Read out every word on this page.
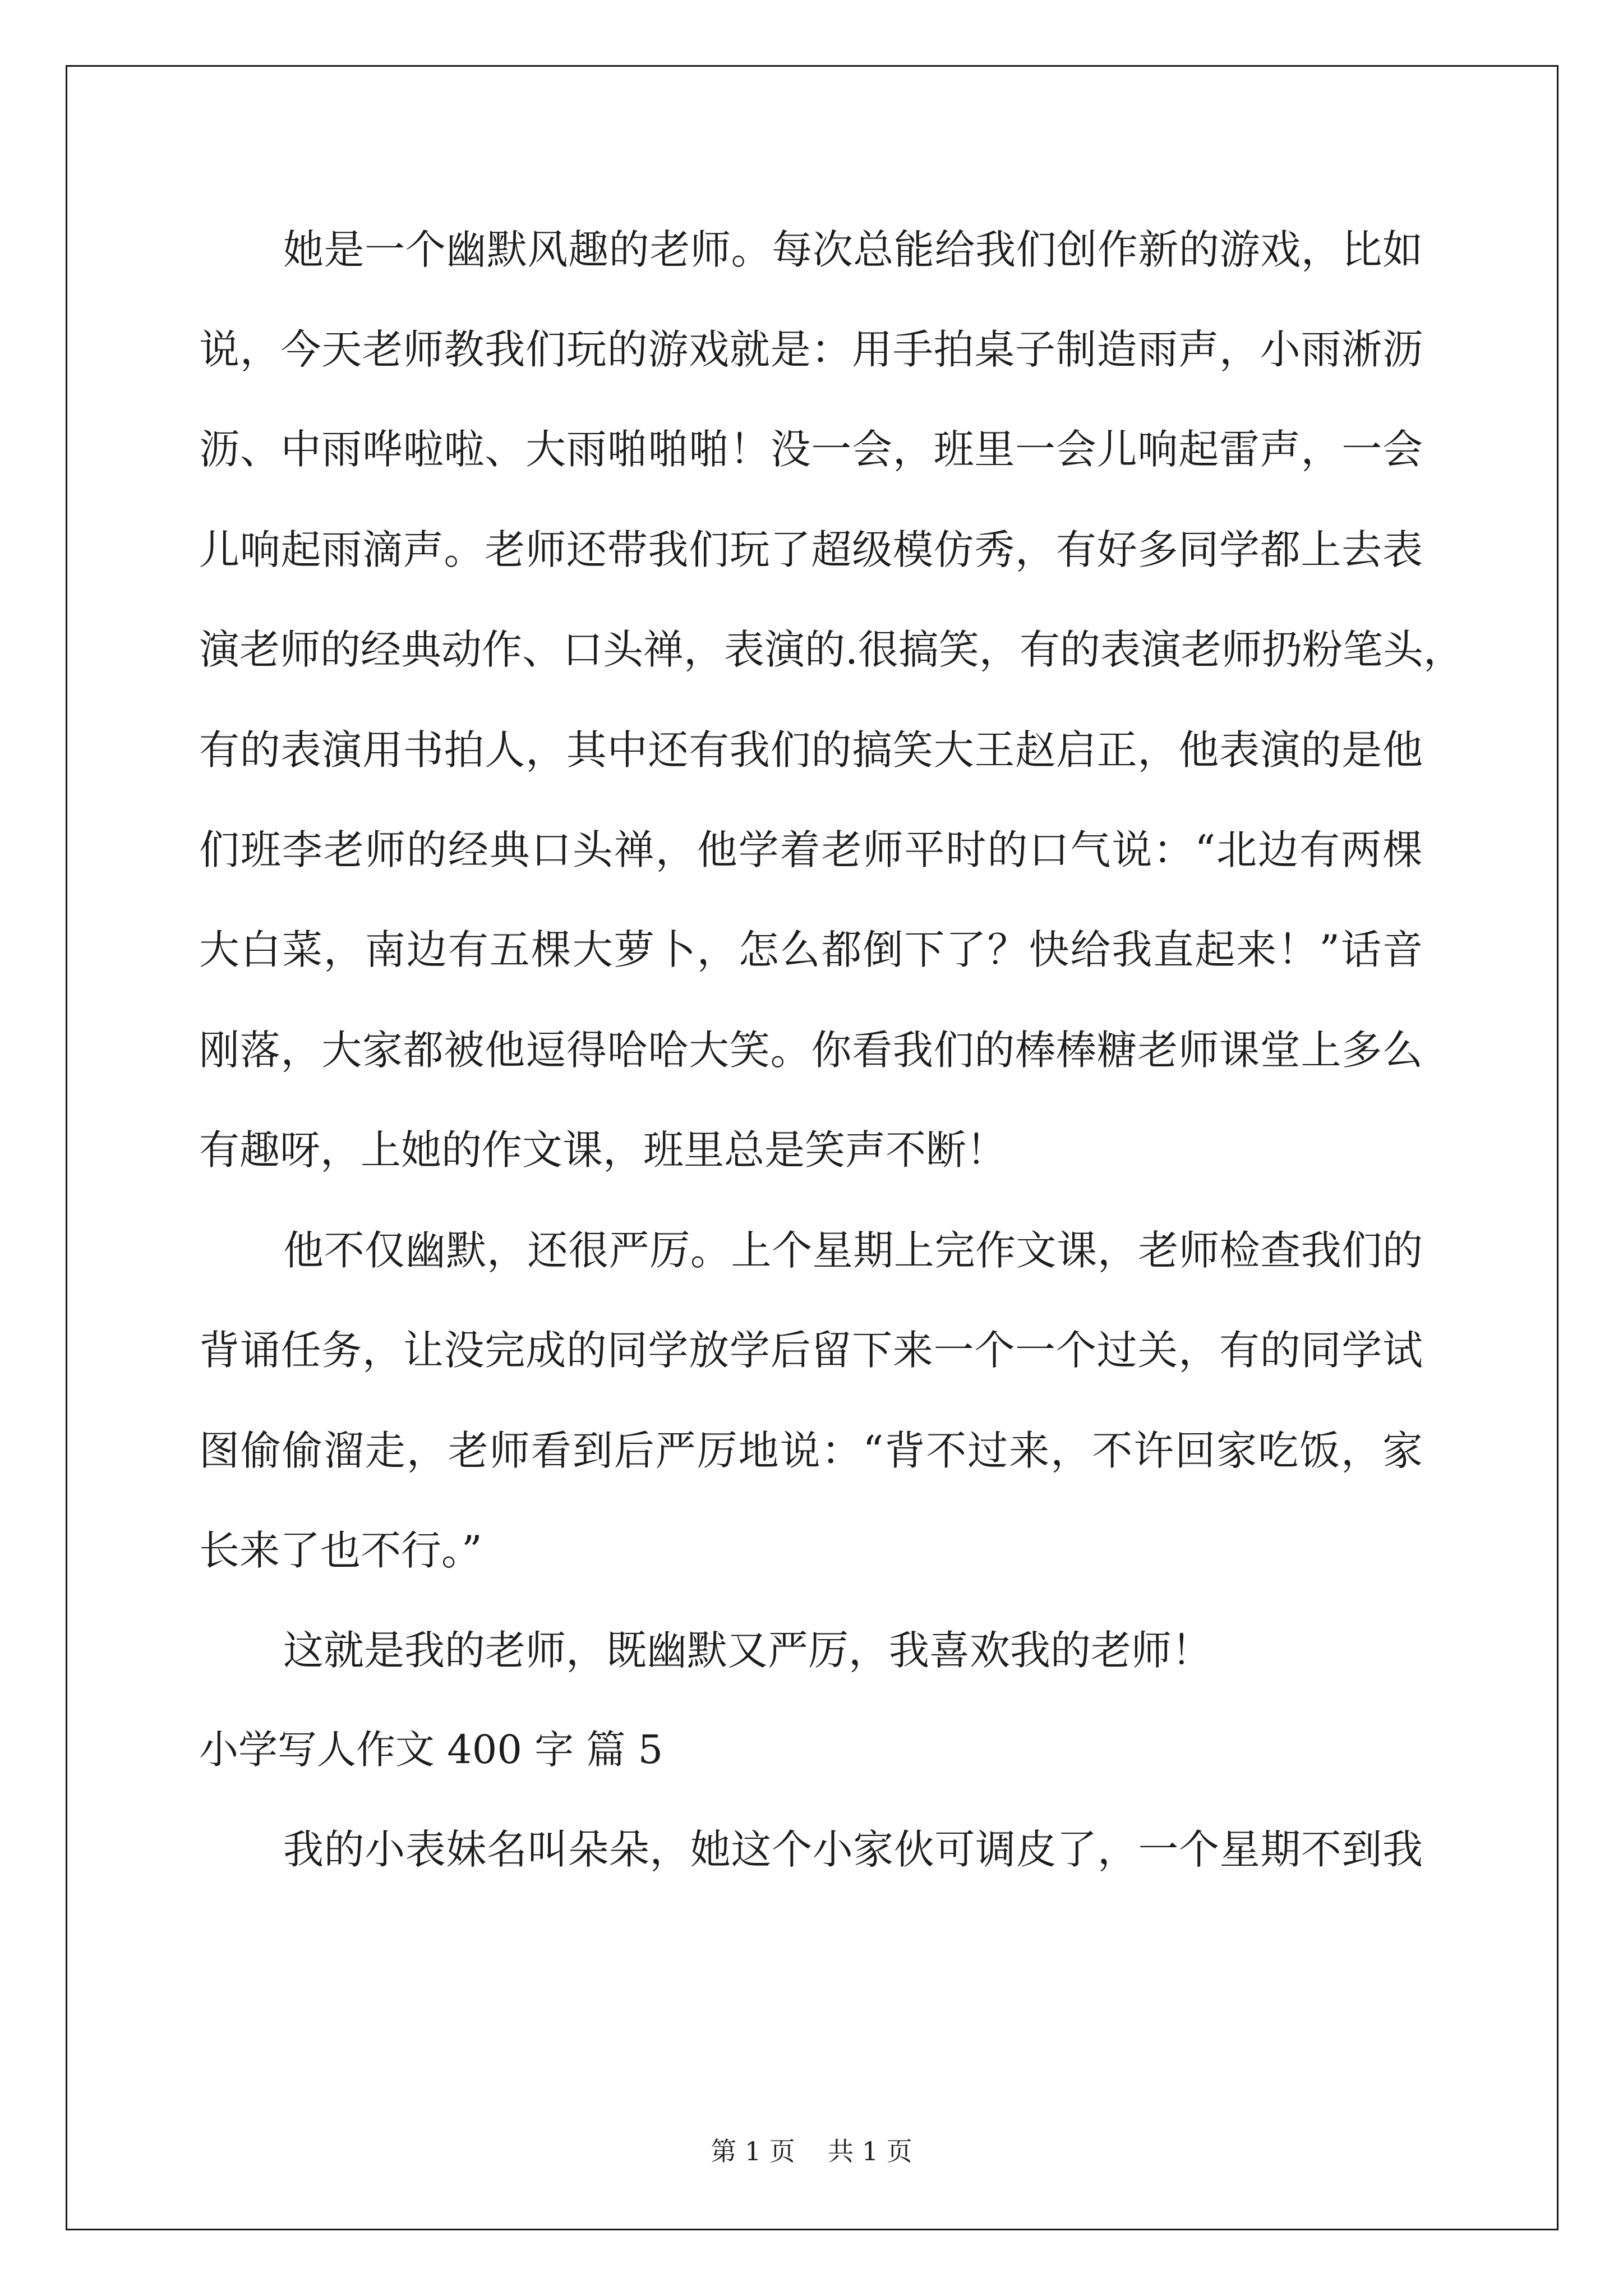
她是一个幽默风趣的老师。每次总能给我们创作新的游戏，比如
说，今天老师教我们玩的游戏就是：用手拍桌子制造雨声，小雨淅沥
沥、中雨哗啦啦、大雨啪啪啪！没一会，班里一会儿响起雷声，一会
儿响起雨滴声。老师还带我们玩了超级模仿秀，有好多同学都上去表
演老师的经典动作、口头禅，表演的.很搞笑，有的表演老师扔粉笔头，
有的表演用书拍人，其中还有我们的搞笑大王赵启正，他表演的是他
们班李老师的经典口头禅，他学着老师平时的口气说：“北边有两棵
大白菜，南边有五棵大萝卜，怎么都倒下了？快给我直起来！”话音
刚落，大家都被他逗得哈哈大笑。你看我们的棒棒糖老师课堂上多么
有趣呀，上她的作文课，班里总是笑声不断！
他不仅幽默，还很严厉。上个星期上完作文课，老师检查我们的
背诵任务，让没完成的同学放学后留下来一个一个过关，有的同学试
图偷偷溜走，老师看到后严厉地说：“背不过来，不许回家吃饭，家
长来了也不行。”
这就是我的老师，既幽默又严厉，我喜欢我的老师！
小学写人作文 400 字 篇 5
我的小表妹名叫朵朵，她这个小家伙可调皮了，一个星期不到我
第 1 页    共 1 页
